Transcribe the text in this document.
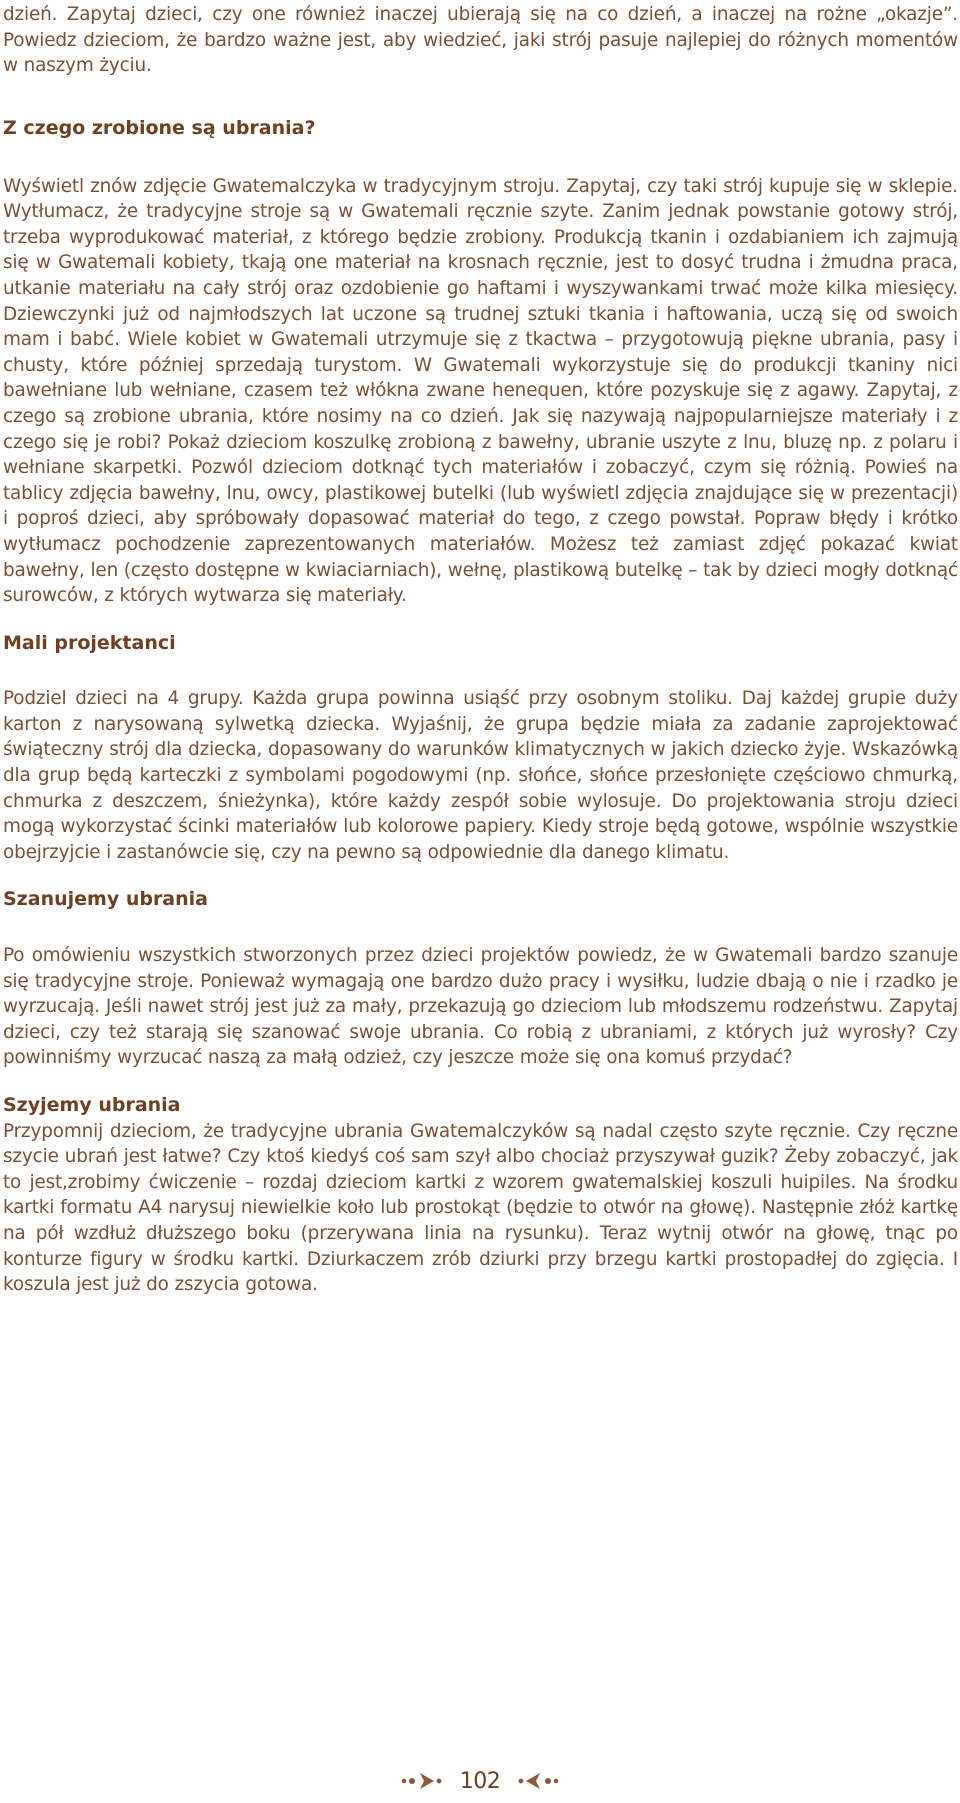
dzień. Zapytaj dzieci, czy one również inaczej ubierają się na co dzień, a inaczej na rożne „okazje”. Powiedz dzieciom, że bardzo ważne jest, aby wiedzieć, jaki strój pasuje najlepiej do różnych momentów w naszym życiu.

Z czego zrobione są ubrania?

Wyświetl znów zdjęcie Gwatemalczyka w tradycyjnym stroju. Zapytaj, czy taki strój kupuje się w sklepie. Wytłumacz, że tradycyjne stroje są w Gwatemali ręcznie szyte. Zanim jednak powstanie gotowy strój, trzeba wyprodukować materiał, z którego będzie zrobiony. Produkcją tkanin i ozdabianiem ich zajmują się w Gwatemali kobiety, tkają one materiał na krosnach ręcznie, jest to dosyć trudna i żmudna praca, utkanie materiału na cały strój oraz ozdobienie go haftami i wyszywankami trwać może kilka miesięcy. Dziewczynki już od najmłodszych lat uczone są trudnej sztuki tkania i haftowania, uczą się od swoich mam i babć. Wiele kobiet w Gwatemali utrzymuje się z tkactwa – przygotowują piękne ubrania, pasy i chusty, które później sprzedają turystom. W Gwatemali wykorzystuje się do produkcji tkaniny nici bawełniane lub wełniane, czasem też włókna zwane henequen, które pozyskuje się z agawy. Zapytaj, z czego są zrobione ubrania, które nosimy na co dzień. Jak się nazywają najpopularniejsze materiały i z czego się je robi? Pokaż dzieciom koszulkę zrobioną z bawełny, ubranie uszyte z lnu, bluzę np. z polaru i wełniane skarpetki. Pozwól dzieciom dotknąć tych materiałów i zobaczyć, czym się różnią. Powieś na tablicy zdjęcia bawełny, lnu, owcy, plastikowej butelki (lub wyświetl zdjęcia znajdujące się w prezentacji) i poproś dzieci, aby spróbowały dopasować materiał do tego, z czego powstał. Popraw błędy i krótko wytłumacz pochodzenie zaprezentowanych materiałów. Możesz też zamiast zdjęć pokazać kwiat bawełny, len (często dostępne w kwiaciarniach), wełnę, plastikową butelkę – tak by dzieci mogły dotknąć surowców, z których wytwarza się materiały.

Mali projektanci

Podziel dzieci na 4 grupy. Każda grupa powinna usiąść przy osobnym stoliku. Daj każdej grupie duży karton z narysowaną sylwetką dziecka. Wyjaśnij, że grupa będzie miała za zadanie zaprojektować świąteczny strój dla dziecka, dopasowany do warunków klimatycznych w jakich dziecko żyje. Wskazówką dla grup będą karteczki z symbolami pogodowymi (np. słońce, słońce przesłonięte częściowo chmurką, chmurka z deszczem, śnieżynka), które każdy zespół sobie wylosuje. Do projektowania stroju dzieci mogą wykorzystać ścinki materiałów lub kolorowe papiery. Kiedy stroje będą gotowe, wspólnie wszystkie obejrzyjcie i zastanówcie się, czy na pewno są odpowiednie dla danego klimatu.

Szanujemy ubrania

Po omówieniu wszystkich stworzonych przez dzieci projektów powiedz, że w Gwatemali bardzo szanuje się tradycyjne stroje. Ponieważ wymagają one bardzo dużo pracy i wysiłku, ludzie dbają o nie i rzadko je wyrzucają. Jeśli nawet strój jest już za mały, przekazują go dzieciom lub młodszemu rodzeństwu. Zapytaj dzieci, czy też starają się szanować swoje ubrania. Co robią z ubraniami, z których już wyrosły? Czy powinniśmy wyrzucać naszą za małą odzież, czy jeszcze może się ona komuś przydać?

Szyjemy ubrania

Przypomnij dzieciom, że tradycyjne ubrania Gwatemalczyków są nadal często szyte ręcznie. Czy ręczne szycie ubrań jest łatwe? Czy ktoś kiedyś coś sam szył albo chociaż przyszywał guzik? Żeby zobaczyć, jak to jest,zrobimy ćwiczenie – rozdaj dzieciom kartki z wzorem gwatemalskiej koszuli huipiles. Na środku kartki formatu A4 narysuj niewielkie koło lub prostokąt (będzie to otwór na głowę). Następnie złóż kartkę na pół wzdłuż dłuższego boku (przerywana linia na rysunku). Teraz wytnij otwór na głowę, tnąc po konturze figury w środku kartki. Dziurkaczem zrób dziurki przy brzegu kartki prostopadłej do zgięcia. I koszula jest już do zszycia gotowa.

102
